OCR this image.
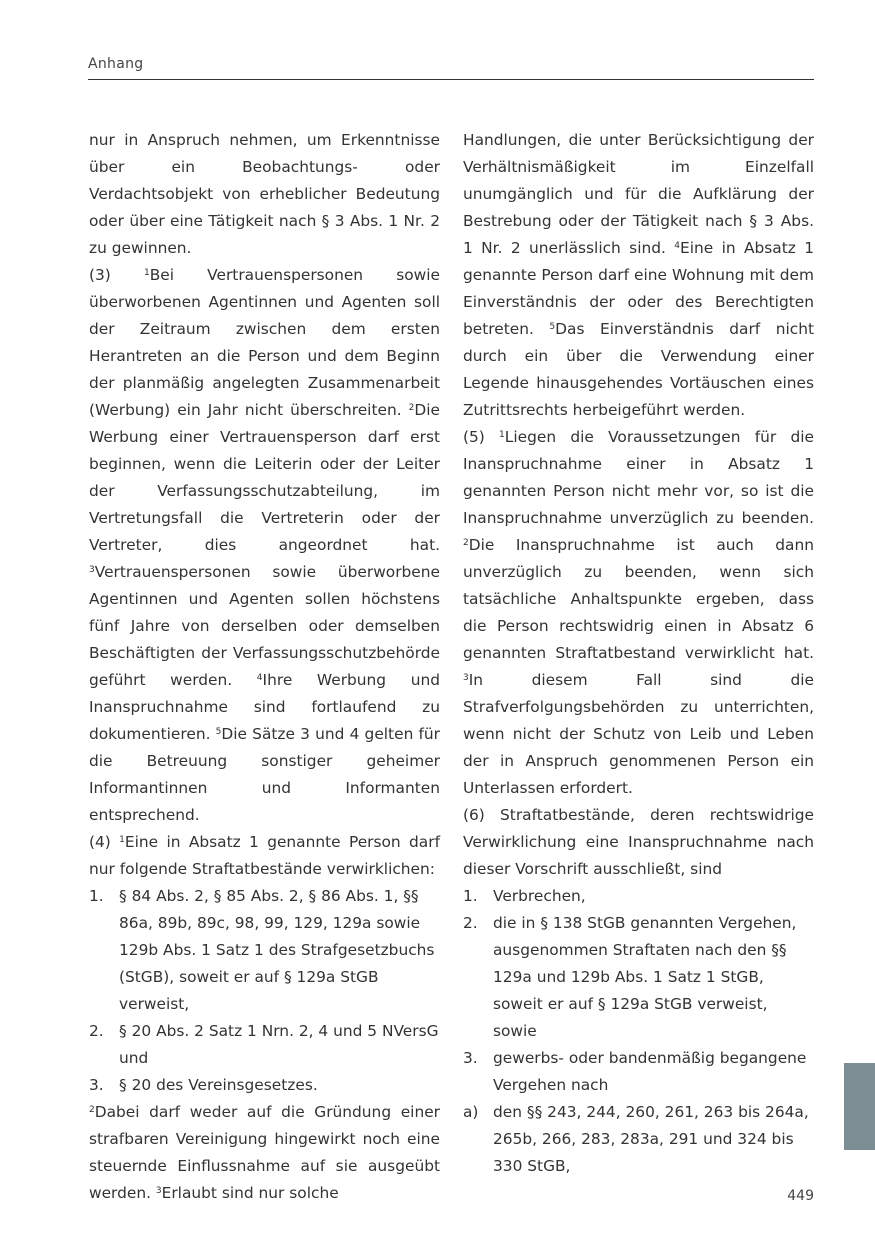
Anhang

nur in Anspruch nehmen, um Erkenntnisse über ein Beobachtungs- oder Verdachtsobjekt von erheblicher Bedeutung oder über eine Tätigkeit nach § 3 Abs. 1 Nr. 2 zu gewinnen.

(3) $^1$Bei Vertrauenspersonen sowie überworbenen Agentinnen und Agenten soll der Zeitraum zwischen dem ersten Herantreten an die Person und dem Beginn der planmäßig angelegten Zusammenarbeit (Werbung) ein Jahr nicht überschreiten. $^2$Die Werbung einer Vertrauensperson darf erst beginnen, wenn die Leiterin oder der Leiter der Verfassungsschutzabteilung, im Vertretungsfall die Vertreterin oder der Vertreter, dies angeordnet hat. $^3$Vertrauenspersonen sowie überworbene Agentinnen und Agenten sollen höchstens fünf Jahre von derselben oder demselben Beschäftigten der Verfassungsschutzbehörde geführt werden. $^4$Ihre Werbung und Inanspruchnahme sind fortlaufend zu dokumentieren. $^5$Die Sätze 3 und 4 gelten für die Betreuung sonstiger geheimer Informantinnen und Informanten entsprechend.

(4) $^1$Eine in Absatz 1 genannte Person darf nur folgende Straftatbestände verwirklichen:

1. § 84 Abs. 2, § 85 Abs. 2, § 86 Abs. 1, §§ 86a, 89b, 89c, 98, 99, 129, 129a sowie 129b Abs. 1 Satz 1 des Strafgesetzbuchs (StGB), soweit er auf § 129a StGB verweist,

2. § 20 Abs. 2 Satz 1 Nrn. 2, 4 und 5 NVersG und

3. § 20 des Vereinsgesetzes.

$^2$Dabei darf weder auf die Gründung einer strafbaren Vereinigung hingewirkt noch eine steuernde Einflussnahme auf sie ausgeübt werden. $^3$Erlaubt sind nur solche

Handlungen, die unter Berücksichtigung der Verhältnismäßigkeit im Einzelfall unumgänglich und für die Aufklärung der Bestrebung oder der Tätigkeit nach § 3 Abs. 1 Nr. 2 unerlässlich sind. $^4$Eine in Absatz 1 genannte Person darf eine Wohnung mit dem Einverständnis der oder des Berechtigten betreten. $^5$Das Einverständnis darf nicht durch ein über die Verwendung einer Legende hinausgehendes Vortäuschen eines Zutrittsrechts herbeigeführt werden.

(5) $^1$Liegen die Voraussetzungen für die Inanspruchnahme einer in Absatz 1 genannten Person nicht mehr vor, so ist die Inanspruchnahme unverzüglich zu beenden. $^2$Die Inanspruchnahme ist auch dann unverzüglich zu beenden, wenn sich tatsächliche Anhaltspunkte ergeben, dass die Person rechtswidrig einen in Absatz 6 genannten Straftatbestand verwirklicht hat. $^3$In diesem Fall sind die Strafverfolgungsbehörden zu unterrichten, wenn nicht der Schutz von Leib und Leben der in Anspruch genommenen Person ein Unterlassen erfordert.

(6) Straftatbestände, deren rechtswidrige Verwirklichung eine Inanspruchnahme nach dieser Vorschrift ausschließt, sind

1. Verbrechen,

2. die in § 138 StGB genannten Vergehen, ausgenommen Straftaten nach den §§ 129a und 129b Abs. 1 Satz 1 StGB, soweit er auf § 129a StGB verweist, sowie

3. gewerbs- oder bandenmäßig begangene Vergehen nach

a) den §§ 243, 244, 260, 261, 263 bis 264a, 265b, 266, 283, 283a, 291 und 324 bis 330 StGB,

449
